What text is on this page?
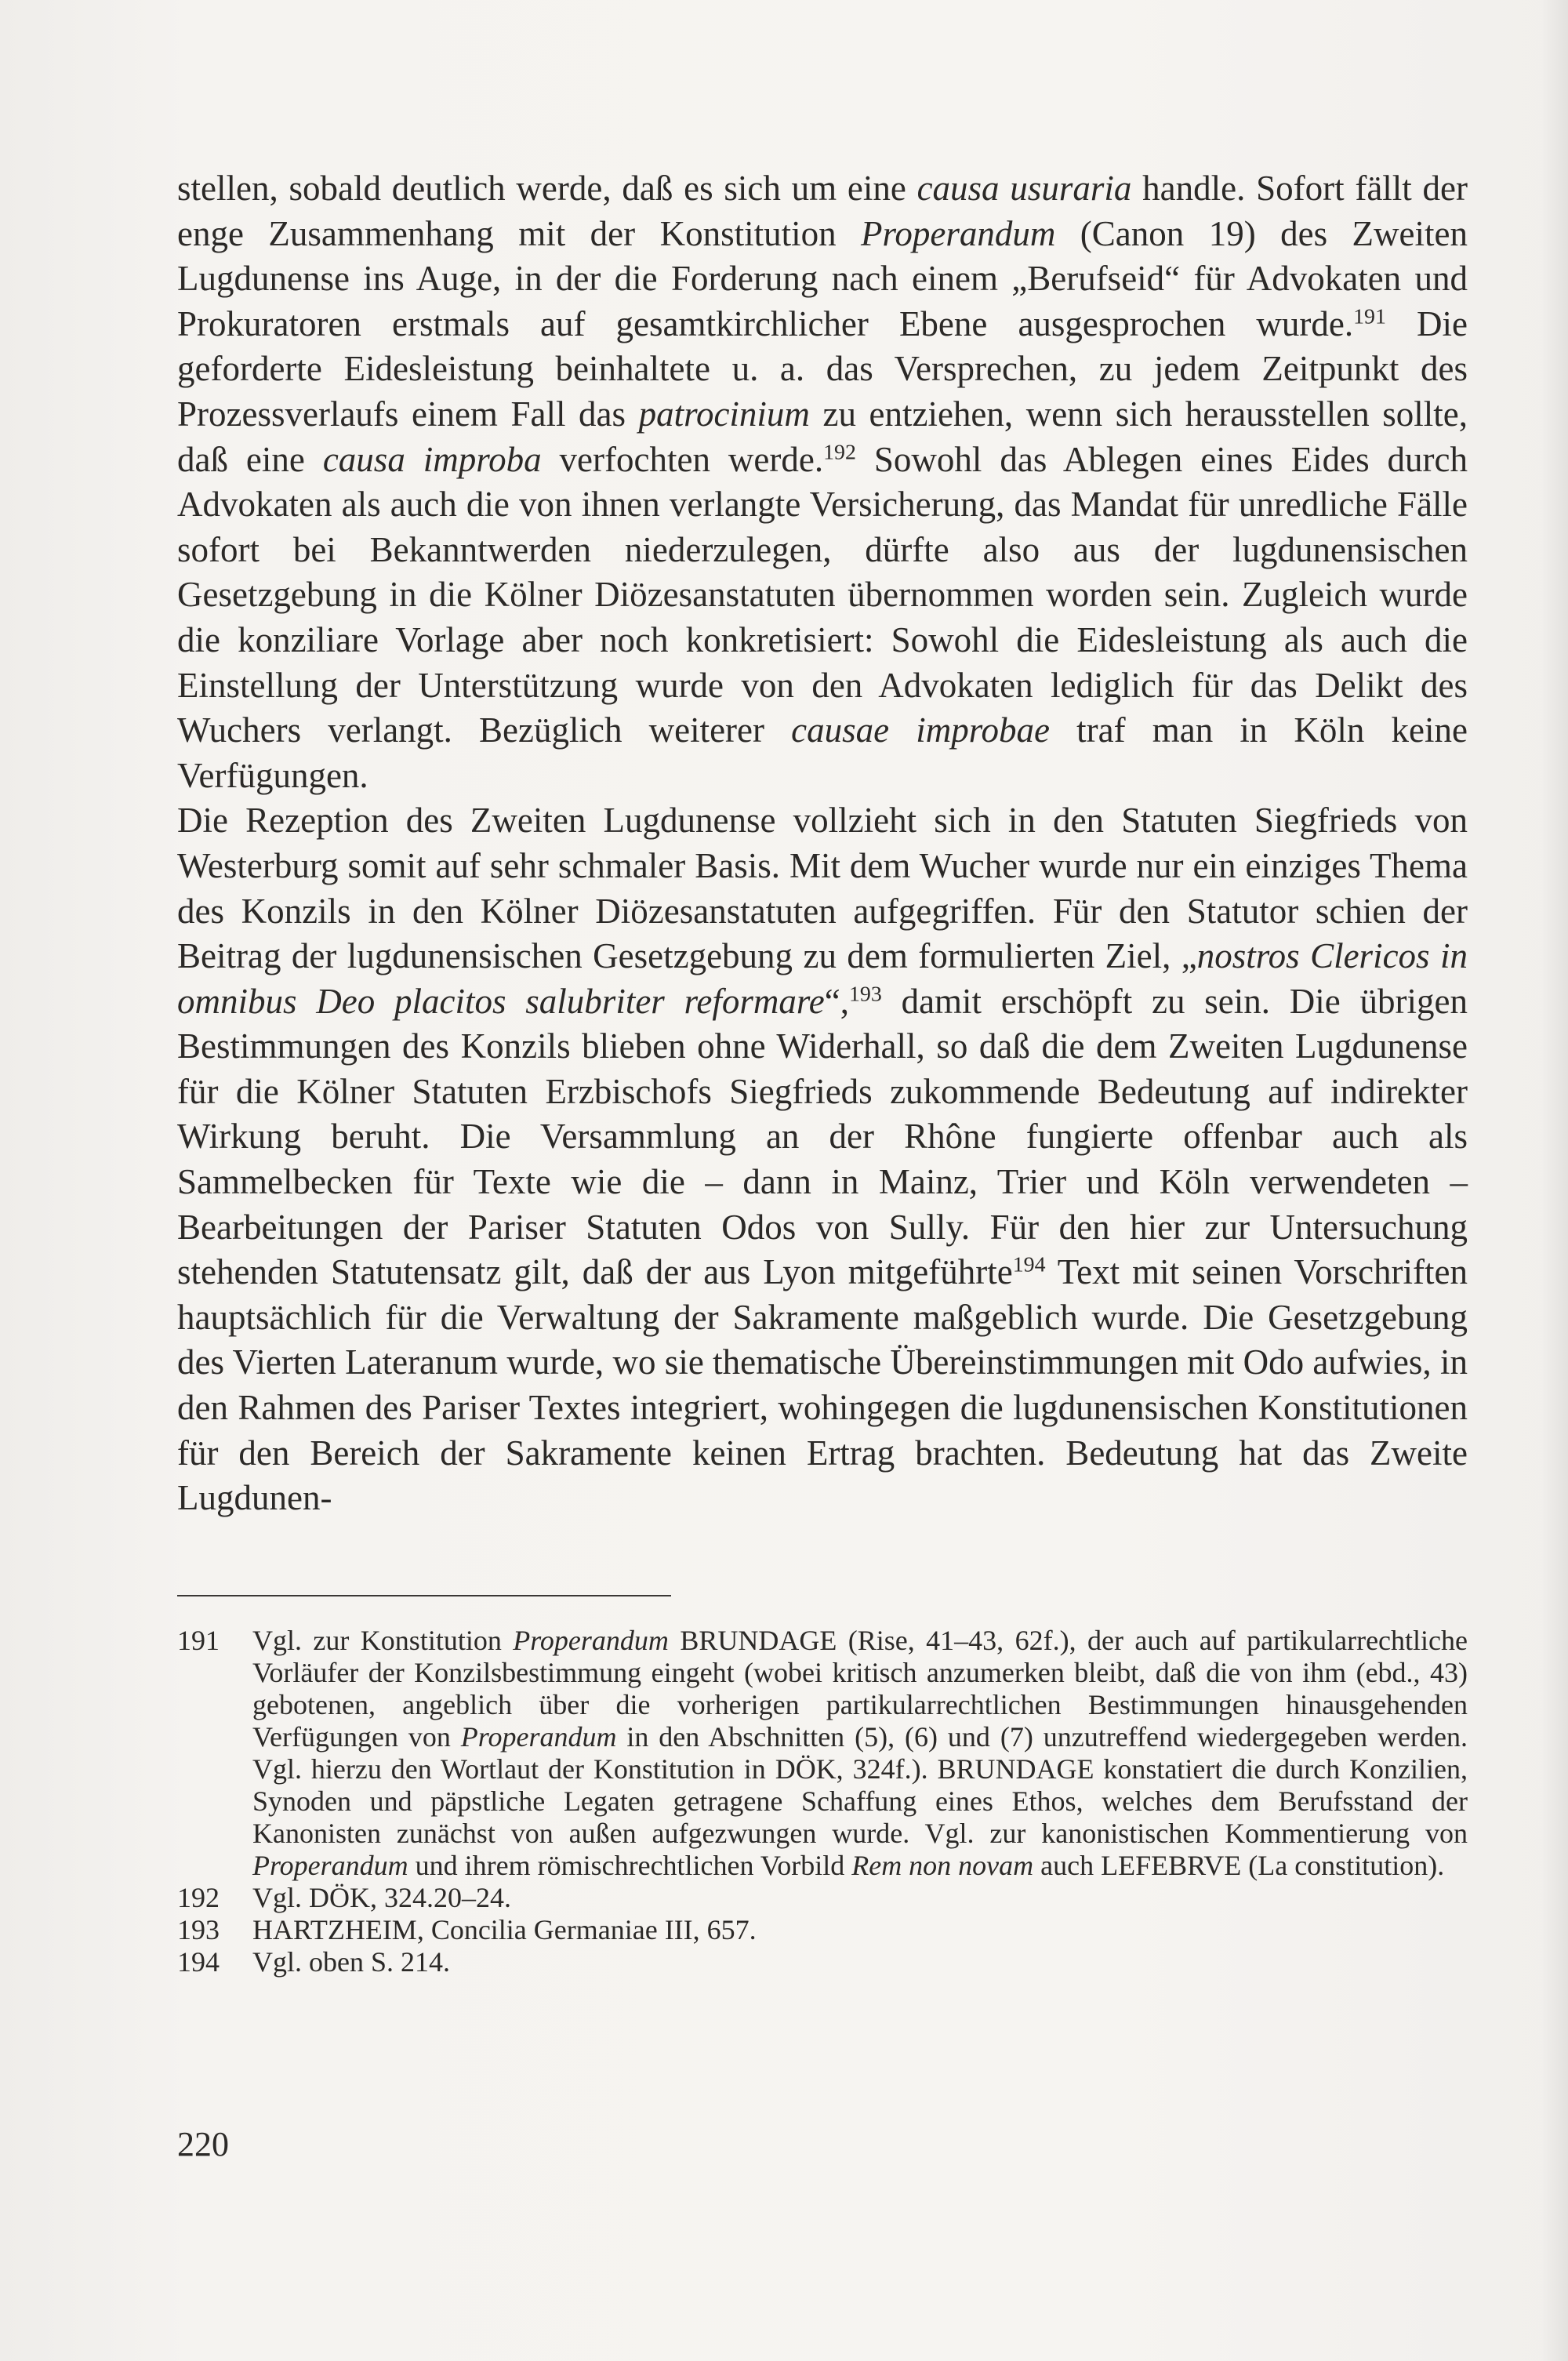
stellen, sobald deutlich werde, daß es sich um eine causa usuraria handle. Sofort fällt der enge Zusammenhang mit der Konstitution Properandum (Canon 19) des Zweiten Lugdunense ins Auge, in der die Forderung nach einem „Berufseid“ für Advokaten und Prokuratoren erstmals auf gesamtkirchlicher Ebene ausgesprochen wurde.$^{191}$ Die geforderte Eidesleistung beinhaltete u. a. das Versprechen, zu jedem Zeitpunkt des Prozessverlaufs einem Fall das patrocinium zu entziehen, wenn sich herausstellen sollte, daß eine causa improba verfochten werde.$^{192}$ Sowohl das Ablegen eines Eides durch Advokaten als auch die von ihnen verlangte Versicherung, das Mandat für unredliche Fälle sofort bei Bekanntwerden niederzulegen, dürfte also aus der lugdunensischen Gesetzgebung in die Kölner Diözesanstatuten übernommen worden sein. Zugleich wurde die konziliare Vorlage aber noch konkretisiert: Sowohl die Eidesleistung als auch die Einstellung der Unterstützung wurde von den Advokaten lediglich für das Delikt des Wuchers verlangt. Bezüglich weiterer causae improbae traf man in Köln keine Verfügungen.

Die Rezeption des Zweiten Lugdunense vollzieht sich in den Statuten Siegfrieds von Westerburg somit auf sehr schmaler Basis. Mit dem Wucher wurde nur ein einziges Thema des Konzils in den Kölner Diözesanstatuten aufgegriffen. Für den Statutor schien der Beitrag der lugdunensischen Gesetzgebung zu dem formulierten Ziel, „nostros Clericos in omnibus Deo placitos salubriter reformare“,$^{193}$ damit erschöpft zu sein. Die übrigen Bestimmungen des Konzils blieben ohne Widerhall, so daß die dem Zweiten Lugdunense für die Kölner Statuten Erzbischofs Siegfrieds zukommende Bedeutung auf indirekter Wirkung beruht. Die Versammlung an der Rhône fungierte offenbar auch als Sammelbecken für Texte wie die – dann in Mainz, Trier und Köln verwendeten – Bearbeitungen der Pariser Statuten Odos von Sully. Für den hier zur Untersuchung stehenden Statutensatz gilt, daß der aus Lyon mitgeführte$^{194}$ Text mit seinen Vorschriften hauptsächlich für die Verwaltung der Sakramente maßgeblich wurde. Die Gesetzgebung des Vierten Lateranum wurde, wo sie thematische Übereinstimmungen mit Odo aufwies, in den Rahmen des Pariser Textes integriert, wohingegen die lugdunensischen Konstitutionen für den Bereich der Sakramente keinen Ertrag brachten. Bedeutung hat das Zweite Lugdunen-

191	Vgl. zur Konstitution Properandum BRUNDAGE (Rise, 41–43, 62f.), der auch auf partikularrechtliche Vorläufer der Konzilsbestimmung eingeht (wobei kritisch anzumerken bleibt, daß die von ihm (ebd., 43) gebotenen, angeblich über die vorherigen partikularrechtlichen Bestimmungen hinausgehenden Verfügungen von Properandum in den Abschnitten (5), (6) und (7) unzutreffend wiedergegeben werden. Vgl. hierzu den Wortlaut der Konstitution in DÖK, 324f.). BRUNDAGE konstatiert die durch Konzilien, Synoden und päpstliche Legaten getragene Schaffung eines Ethos, welches dem Berufsstand der Kanonisten zunächst von außen aufgezwungen wurde. Vgl. zur kanonistischen Kommentierung von Properandum und ihrem römischrechtlichen Vorbild Rem non novam auch LEFEBRVE (La constitution).
192	Vgl. DÖK, 324.20–24.
193	HARTZHEIM, Concilia Germaniae III, 657.
194	Vgl. oben S. 214.
220
